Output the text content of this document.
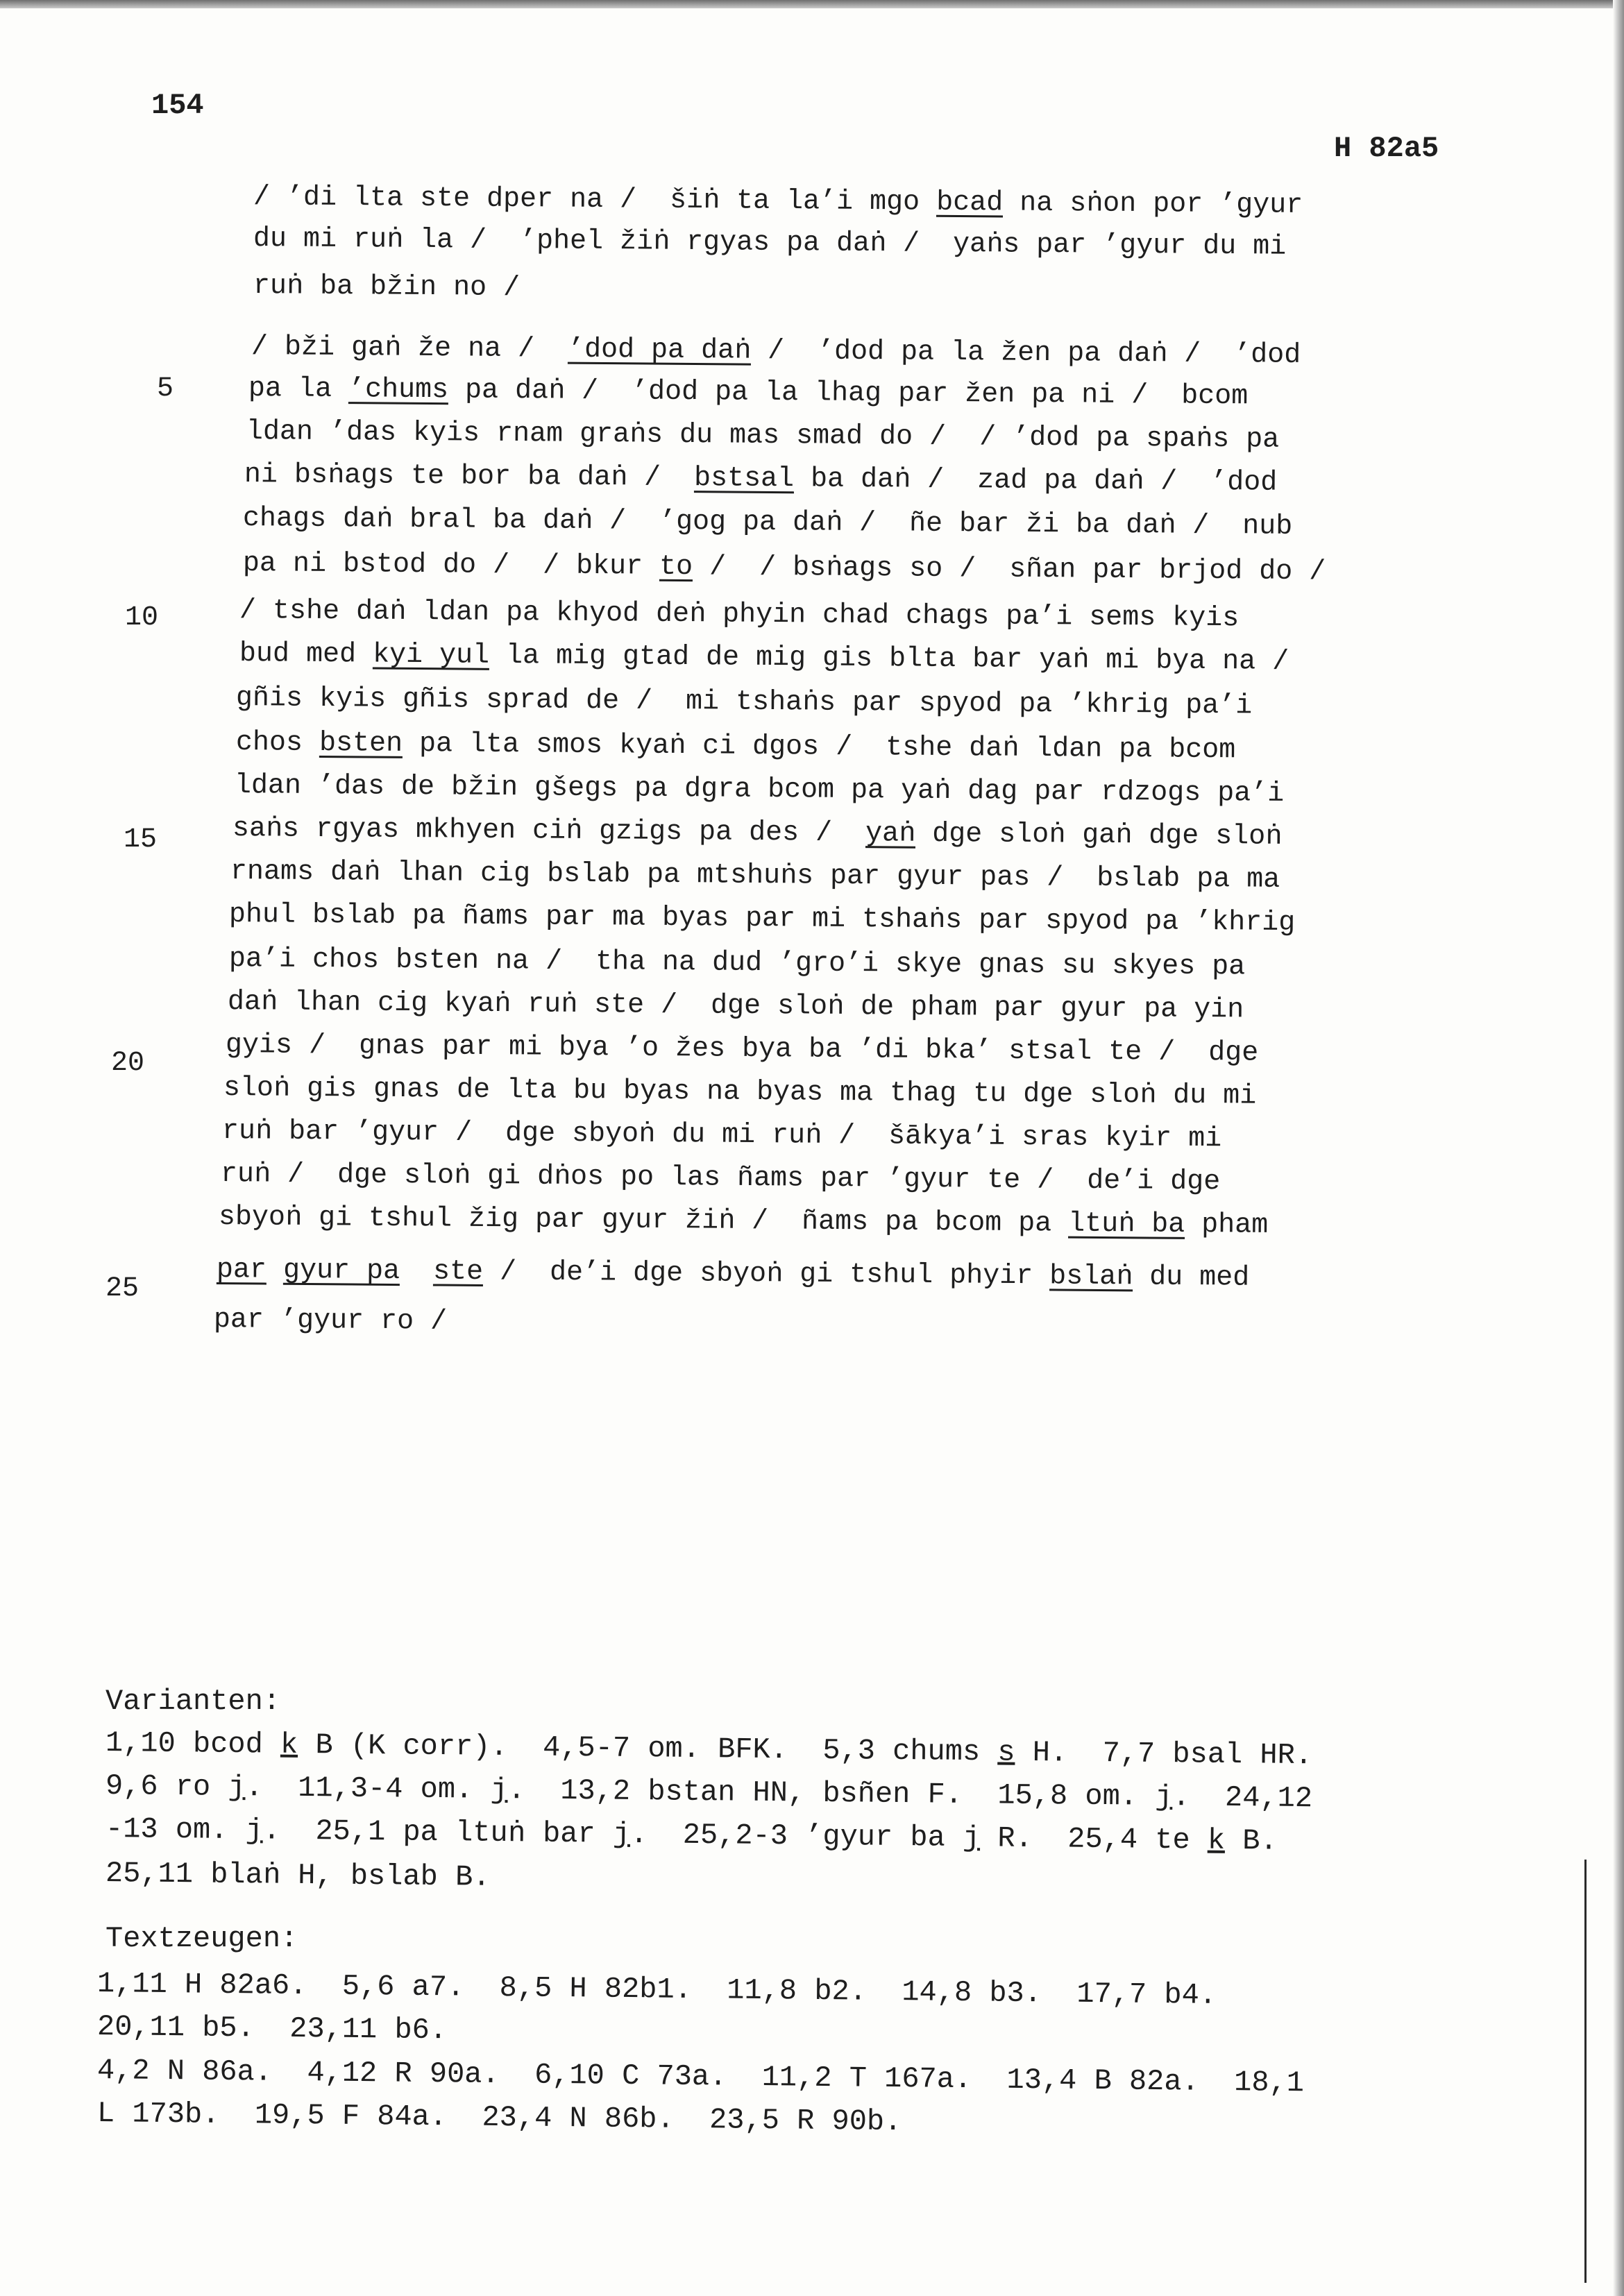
154
H 82a5
5
10
15
20
25
/ ’di lta ste dper na /  šiṅ ta la’i mgo bcad na sṅon por ’gyur
du mi ruṅ la /  ’phel žiṅ rgyas pa daṅ /  yaṅs par ’gyur du mi
ruṅ ba bžin no /
/ bži gaṅ že na /  ’dod pa daṅ /  ’dod pa la žen pa daṅ /  ’dod
pa la ’chums pa daṅ /  ’dod pa la lhag par žen pa ni /  bcom
ldan ’das kyis rnam graṅs du mas smad do /  / ’dod pa spaṅs pa
ni bsṅags te bor ba daṅ /  bstsal ba daṅ /  zad pa daṅ /  ’dod
chags daṅ bral ba daṅ /  ’gog pa daṅ /  ñe bar ži ba daṅ /  nub
pa ni bstod do /  / bkur to /  / bsṅags so /  sñan par brjod do /
/ tshe daṅ ldan pa khyod deṅ phyin chad chags pa’i sems kyis
bud med kyi yul la mig gtad de mig gis blta bar yaṅ mi bya na /
gñis kyis gñis sprad de /  mi tshaṅs par spyod pa ’khrig pa’i
chos bsten pa lta smos kyaṅ ci dgos /  tshe daṅ ldan pa bcom
ldan ’das de bžin gšegs pa dgra bcom pa yaṅ dag par rdzogs pa’i
saṅs rgyas mkhyen ciṅ gzigs pa des /  yaṅ dge sloṅ gaṅ dge sloṅ
rnams daṅ lhan cig bslab pa mtshuṅs par gyur pas /  bslab pa ma
phul bslab pa ñams par ma byas par mi tshaṅs par spyod pa ’khrig
pa’i chos bsten na /  tha na dud ’gro’i skye gnas su skyes pa
daṅ lhan cig kyaṅ ruṅ ste /  dge sloṅ de pham par gyur pa yin
gyis /  gnas par mi bya ’o žes bya ba ’di bka’ stsal te /  dge
sloṅ gis gnas de lta bu byas na byas ma thag tu dge sloṅ du mi
ruṅ bar ’gyur /  dge sbyoṅ du mi ruṅ /  šākya’i sras kyir mi
ruṅ /  dge sloṅ gi dṅos po las ñams par ’gyur te /  de’i dge
sbyoṅ gi tshul žig par gyur žiṅ /  ñams pa bcom pa ltuṅ ba pham
par gyur pa ste /  de’i dge sbyoṅ gi tshul phyir bslaṅ du med
par ’gyur ro /
Varianten:
1,10 bcod k B (K corr).  4,5-7 om. BFK.  5,3 chums s H.  7,7 bsal HR.
9,6 ro j.  11,3-4 om. j.  13,2 bstan HN, bsñen F.  15,8 om. j.  24,12
-13 om. j.  25,1 pa ltuṅ bar j.  25,2-3 ’gyur ba j R.  25,4 te k B.
25,11 blaṅ H, bslab B.
Textzeugen:
1,11 H 82a6.  5,6 a7.  8,5 H 82b1.  11,8 b2.  14,8 b3.  17,7 b4.
20,11 b5.  23,11 b6.
4,2 N 86a.  4,12 R 90a.  6,10 C 73a.  11,2 T 167a.  13,4 B 82a.  18,1
L 173b.  19,5 F 84a.  23,4 N 86b.  23,5 R 90b.
